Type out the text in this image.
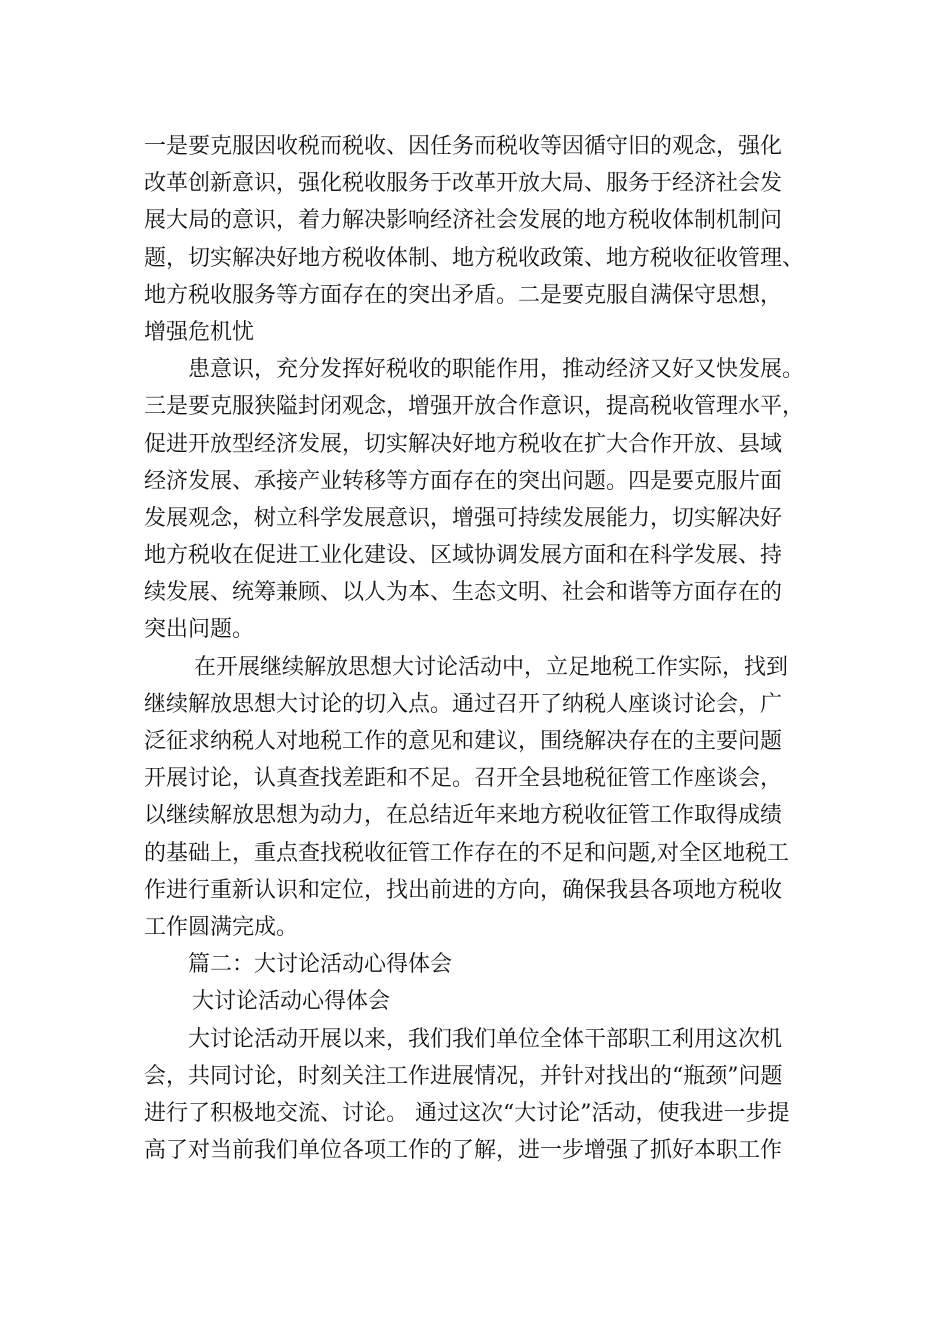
一是要克服因收税而税收、因任务而税收等因循守旧的观念，强化
改革创新意识，强化税收服务于改革开放大局、服务于经济社会发
展大局的意识，着力解决影响经济社会发展的地方税收体制机制问
题，切实解决好地方税收体制、地方税收政策、地方税收征收管理、
地方税收服务等方面存在的突出矛盾。二是要克服自满保守思想，
增强危机忧
患意识，充分发挥好税收的职能作用，推动经济又好又快发展。
三是要克服狭隘封闭观念，增强开放合作意识，提高税收管理水平，
促进开放型经济发展，切实解决好地方税收在扩大合作开放、县域
经济发展、承接产业转移等方面存在的突出问题。四是要克服片面
发展观念，树立科学发展意识，增强可持续发展能力，切实解决好
地方税收在促进工业化建设、区域协调发展方面和在科学发展、持
续发展、统筹兼顾、以人为本、生态文明、社会和谐等方面存在的
突出问题。
在开展继续解放思想大讨论活动中，立足地税工作实际，找到
继续解放思想大讨论的切入点。通过召开了纳税人座谈讨论会，广
泛征求纳税人对地税工作的意见和建议，围绕解决存在的主要问题
开展讨论，认真查找差距和不足。召开全县地税征管工作座谈会，
以继续解放思想为动力，在总结近年来地方税收征管工作取得成绩
的基础上，重点查找税收征管工作存在的不足和问题,对全区地税工
作进行重新认识和定位，找出前进的方向，确保我县各项地方税收
工作圆满完成。
篇二：大讨论活动心得体会
大讨论活动心得体会
大讨论活动开展以来，我们我们单位全体干部职工利用这次机
会，共同讨论，时刻关注工作进展情况，并针对找出的“瓶颈”问题
进行了积极地交流、讨论。 通过这次“大讨论”活动，使我进一步提
高了对当前我们单位各项工作的了解，进一步增强了抓好本职工作
